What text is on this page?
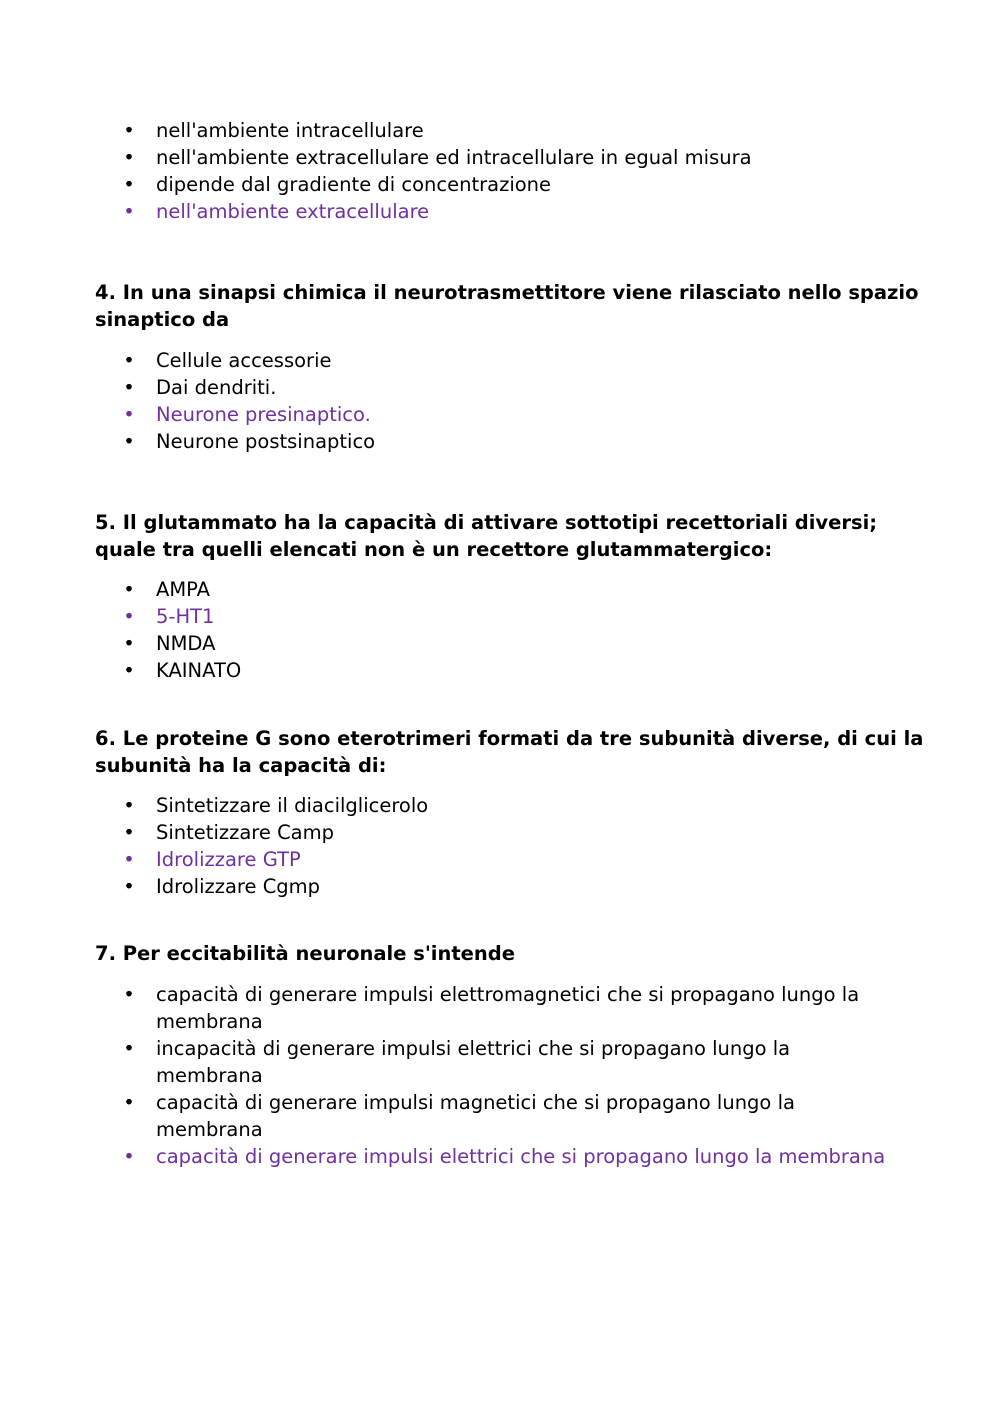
• nell'ambiente intracellulare
• nell'ambiente extracellulare ed intracellulare in egual misura
• dipende dal gradiente di concentrazione
• nell'ambiente extracellulare

4. In una sinapsi chimica il neurotrasmettitore viene rilasciato nello spazio sinaptico da

• Cellule accessorie
• Dai dendriti.
• Neurone presinaptico.
• Neurone postsinaptico

5. Il glutammato ha la capacità di attivare sottotipi recettoriali diversi; quale tra quelli elencati non è un recettore glutammatergico:

• AMPA
• 5-HT1
• NMDA
• KAINATO

6. Le proteine G sono eterotrimeri formati da tre subunità diverse, di cui la subunità ha la capacità di:

• Sintetizzare il diacilglicerolo
• Sintetizzare Camp
• Idrolizzare GTP
• Idrolizzare Cgmp

7. Per eccitabilità neuronale s'intende

• capacità di generare impulsi elettromagnetici che si propagano lungo la membrana
• incapacità di generare impulsi elettrici che si propagano lungo la membrana
• capacità di generare impulsi magnetici che si propagano lungo la membrana
• capacità di generare impulsi elettrici che si propagano lungo la membrana
